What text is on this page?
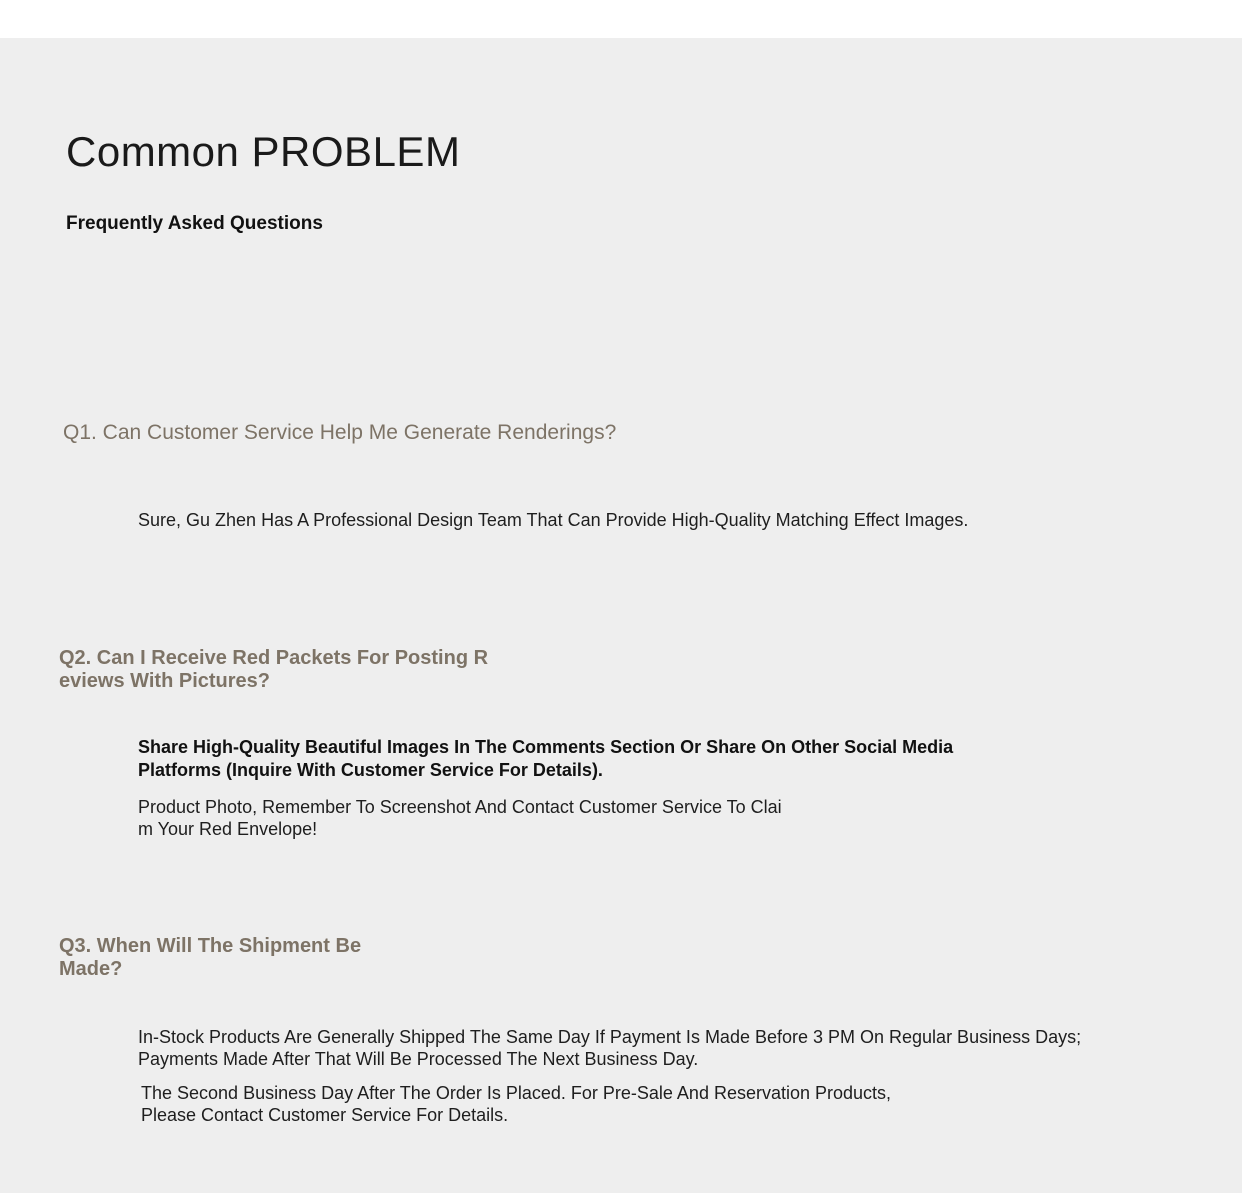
Common PROBLEM
Frequently Asked Questions
Q1. Can Customer Service Help Me Generate Renderings?
Sure, Gu Zhen Has A Professional Design Team That Can Provide High-Quality Matching Effect Images.
Q2. Can I Receive Red Packets For Posting R
eviews With Pictures?
Share High-Quality Beautiful Images In The Comments Section Or Share On Other Social Media
Platforms (Inquire With Customer Service For Details).
Product Photo, Remember To Screenshot And Contact Customer Service To Clai
m Your Red Envelope!
Q3. When Will The Shipment Be
Made?
In-Stock Products Are Generally Shipped The Same Day If Payment Is Made Before 3 PM On Regular Business Days;
Payments Made After That Will Be Processed The Next Business Day.
The Second Business Day After The Order Is Placed. For Pre-Sale And Reservation Products,
Please Contact Customer Service For Details.
